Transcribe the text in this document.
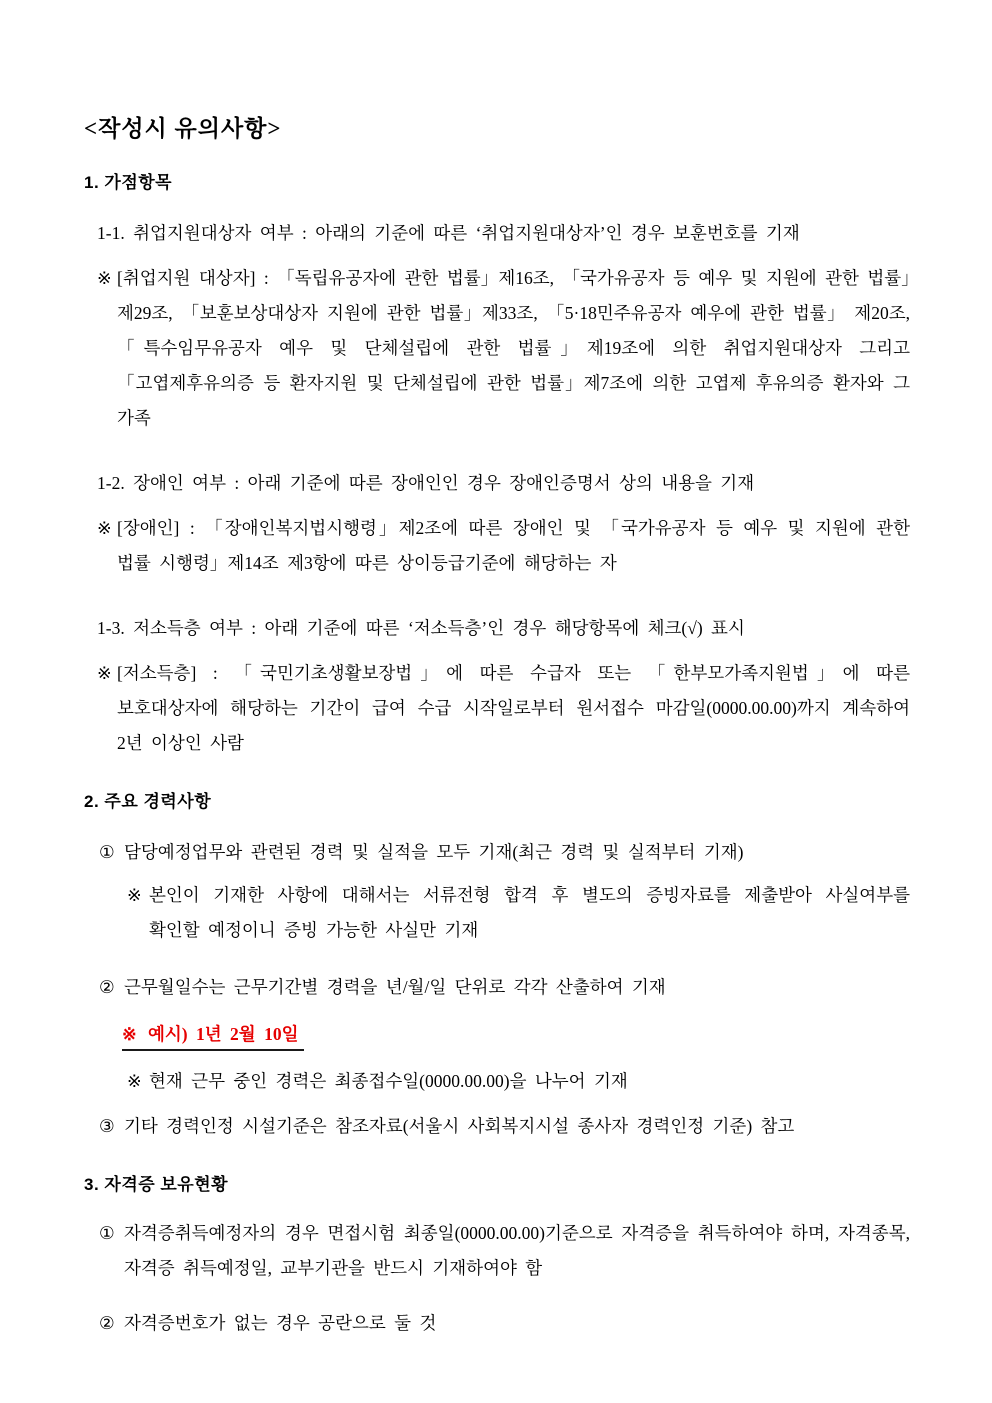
<작성시 유의사항>
1. 가점항목
1-1. 취업지원대상자 여부 : 아래의 기준에 따른 ‘취업지원대상자’인 경우 보훈번호를 기재
※ [취업지원 대상자] : 「독립유공자에 관한 법률」제16조, 「국가유공자 등 예우 및 지원에 관한 법률」제29조, 「보훈보상대상자 지원에 관한 법률」제33조, 「5·18민주유공자 예우에 관한 법률」 제20조, 「특수임무유공자 예우 및 단체설립에 관한 법률」제19조에 의한 취업지원대상자 그리고 「고엽제후유의증 등 환자지원 및 단체설립에 관한 법률」제7조에 의한 고엽제 후유의증 환자와 그 가족
1-2. 장애인 여부 : 아래 기준에 따른 장애인인 경우 장애인증명서 상의 내용을 기재
※ [장애인] : 「장애인복지법시행령」제2조에 따른 장애인 및 「국가유공자 등 예우 및 지원에 관한 법률 시행령」제14조 제3항에 따른 상이등급기준에 해당하는 자
1-3. 저소득층 여부 : 아래 기준에 따른 ‘저소득층’인 경우 해당항목에 체크(√) 표시
※ [저소득층] : 「국민기초생활보장법」에 따른 수급자 또는 「한부모가족지원법」에 따른 보호대상자에 해당하는 기간이 급여 수급 시작일로부터 원서접수 마감일(0000.00.00)까지 계속하여 2년 이상인 사람
2. 주요 경력사항
① 담당예정업무와 관련된 경력 및 실적을 모두 기재(최근 경력 및 실적부터 기재)
※ 본인이 기재한 사항에 대해서는 서류전형 합격 후 별도의 증빙자료를 제출받아 사실여부를 확인할 예정이니 증빙 가능한 사실만 기재
② 근무월일수는 근무기간별 경력을 년/월/일 단위로 각각 산출하여 기재
※ 예시) 1년 2월 10일
※ 현재 근무 중인 경력은 최종접수일(0000.00.00)을 나누어 기재
③ 기타 경력인정 시설기준은 참조자료(서울시 사회복지시설 종사자 경력인정 기준) 참고
3. 자격증 보유현황
① 자격증취득예정자의 경우 면접시험 최종일(0000.00.00)기준으로 자격증을 취득하여야 하며, 자격종목, 자격증 취득예정일, 교부기관을 반드시 기재하여야 함
② 자격증번호가 없는 경우 공란으로 둘 것
